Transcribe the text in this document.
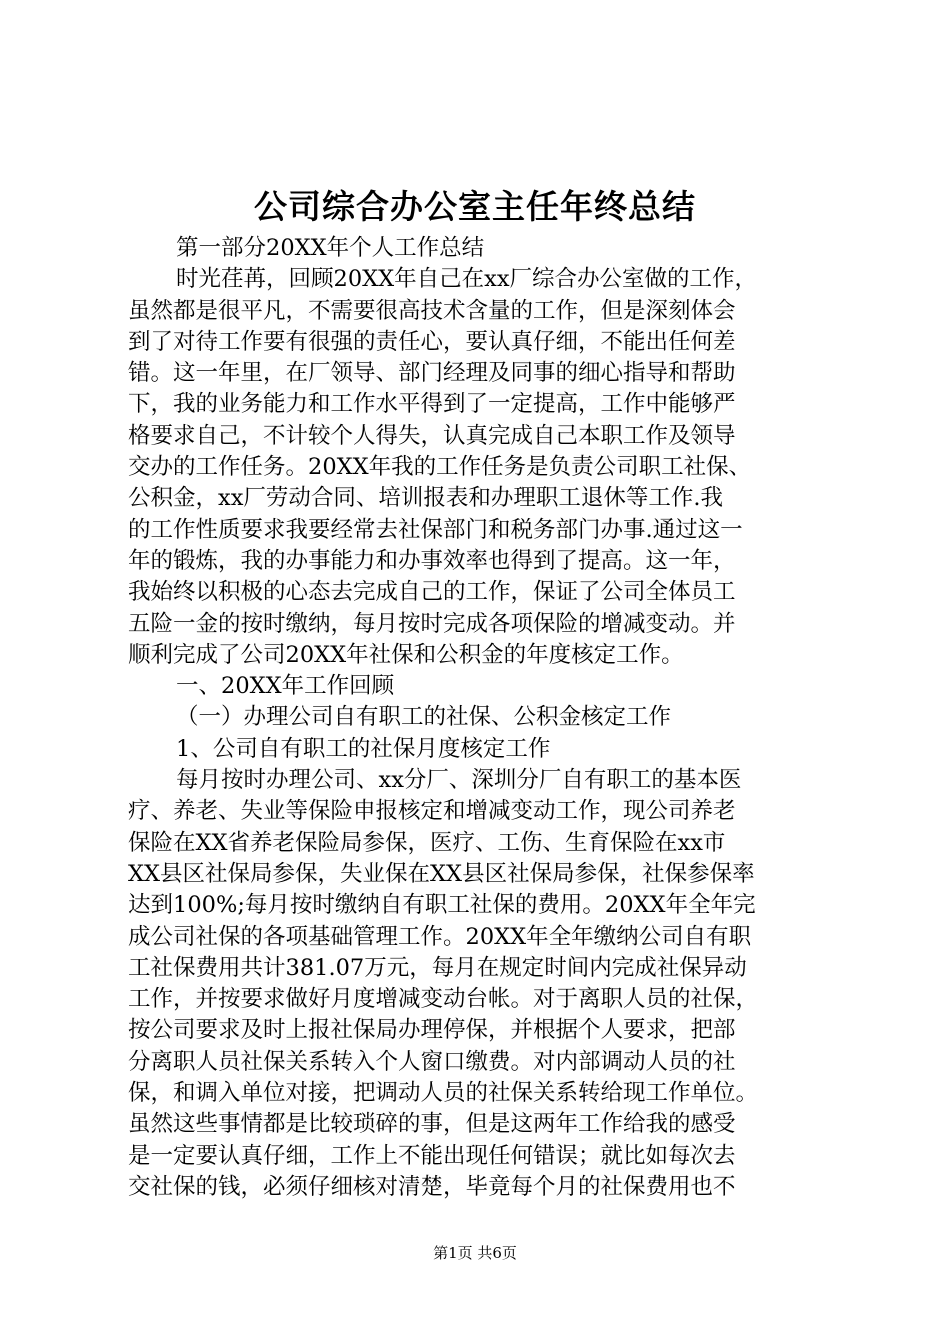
公司综合办公室主任年终总结
第一部分20XX年个人工作总结
时光荏苒，回顾20XX年自己在xx厂综合办公室做的工作，
虽然都是很平凡，不需要很高技术含量的工作，但是深刻体会
到了对待工作要有很强的责任心，要认真仔细，不能出任何差
错。这一年里，在厂领导、部门经理及同事的细心指导和帮助
下，我的业务能力和工作水平得到了一定提高，工作中能够严
格要求自己，不计较个人得失，认真完成自己本职工作及领导
交办的工作任务。20XX年我的工作任务是负责公司职工社保、
公积金，xx厂劳动合同、培训报表和办理职工退休等工作.我
的工作性质要求我要经常去社保部门和税务部门办事.通过这一
年的锻炼，我的办事能力和办事效率也得到了提高。这一年，
我始终以积极的心态去完成自己的工作，保证了公司全体员工
五险一金的按时缴纳，每月按时完成各项保险的增减变动。并
顺利完成了公司20XX年社保和公积金的年度核定工作。
一、20XX年工作回顾
（一）办理公司自有职工的社保、公积金核定工作
1、公司自有职工的社保月度核定工作
每月按时办理公司、xx分厂、深圳分厂自有职工的基本医
疗、养老、失业等保险申报核定和增减变动工作，现公司养老
保险在XX省养老保险局参保，医疗、工伤、生育保险在xx市
XX县区社保局参保，失业保在XX县区社保局参保，社保参保率
达到100%;每月按时缴纳自有职工社保的费用。20XX年全年完
成公司社保的各项基础管理工作。20XX年全年缴纳公司自有职
工社保费用共计381.07万元，每月在规定时间内完成社保异动
工作，并按要求做好月度增减变动台帐。对于离职人员的社保，
按公司要求及时上报社保局办理停保，并根据个人要求，把部
分离职人员社保关系转入个人窗口缴费。对内部调动人员的社
保，和调入单位对接，把调动人员的社保关系转给现工作单位。
虽然这些事情都是比较琐碎的事，但是这两年工作给我的感受
是一定要认真仔细，工作上不能出现任何错误；就比如每次去
交社保的钱，必须仔细核对清楚，毕竟每个月的社保费用也不
第1页 共6页
